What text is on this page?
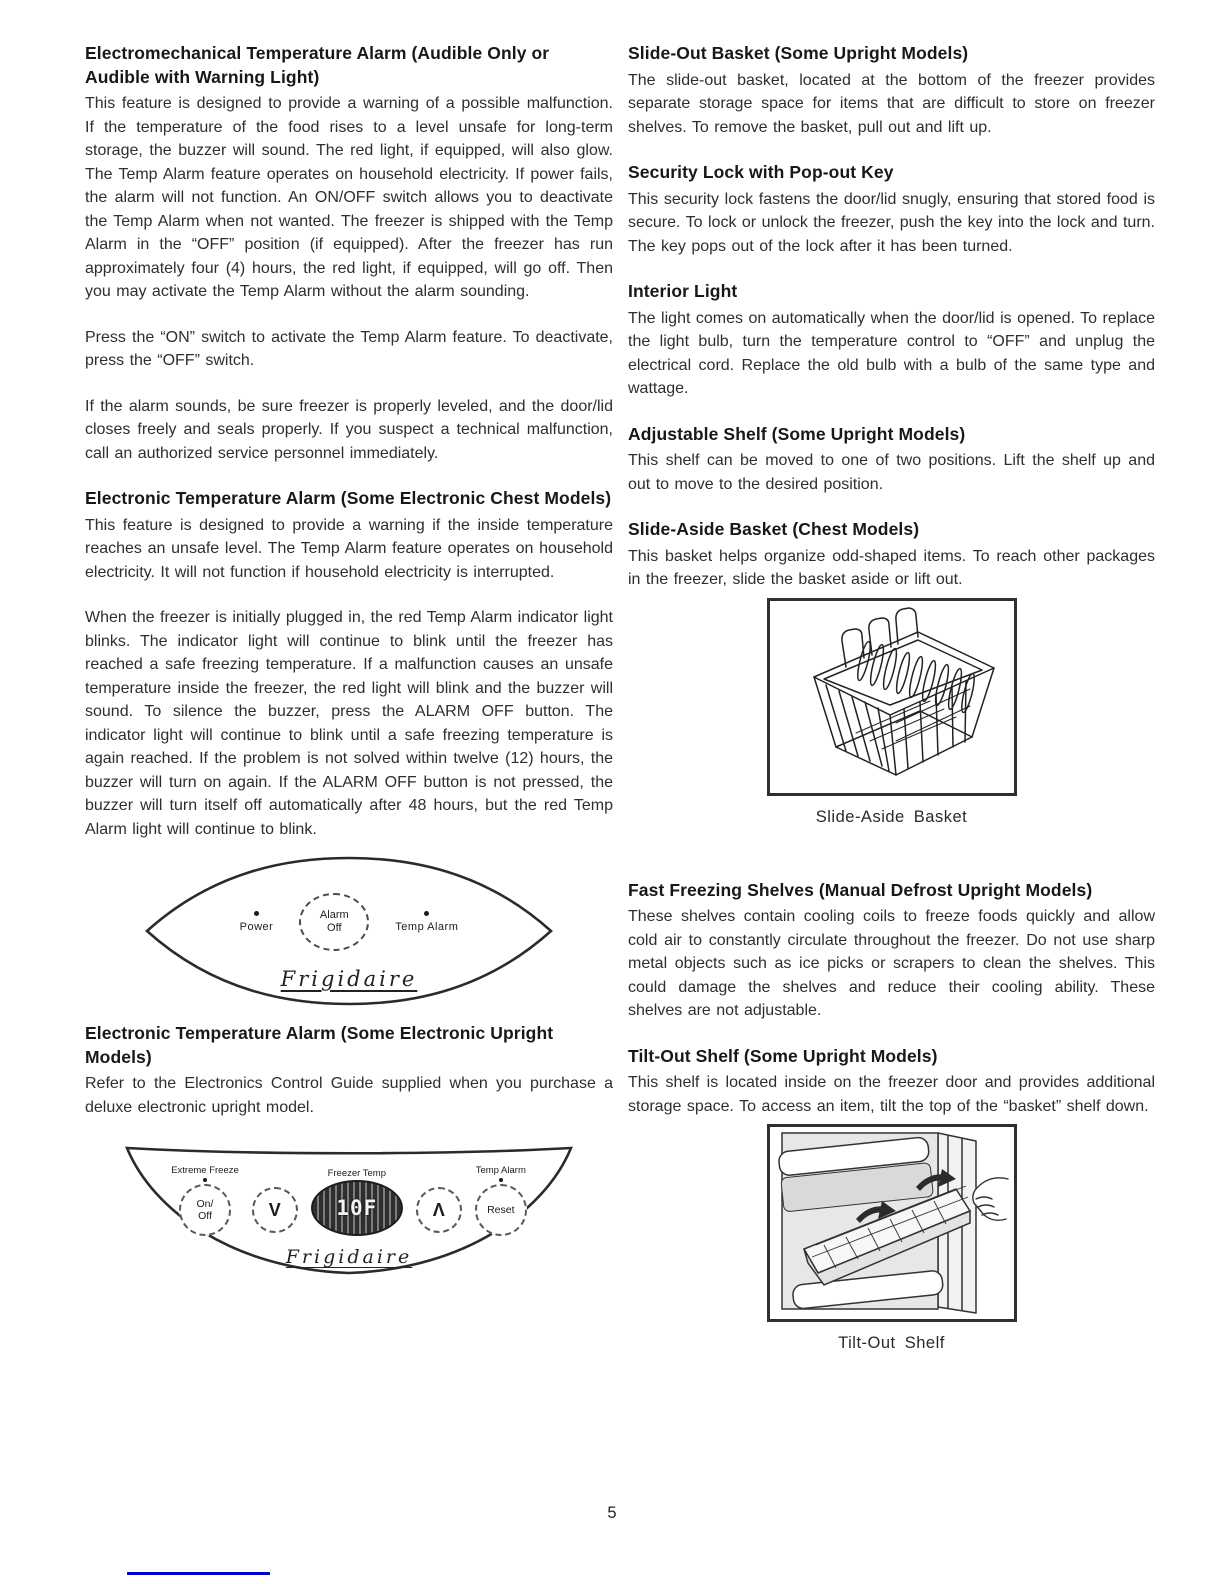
Electromechanical Temperature Alarm (Audible Only or Audible with Warning Light)

This feature is designed to provide a warning of a possible malfunction. If the temperature of the food rises to a level unsafe for long-term storage, the buzzer will sound. The red light, if equipped, will also glow. The Temp Alarm feature operates on household electricity. If power fails, the alarm will not function. An ON/OFF switch allows you to deactivate the Temp Alarm when not wanted. The freezer is shipped with the Temp Alarm in the “OFF” position (if equipped). After the freezer has run approximately four (4) hours, the red light, if equipped, will go off. Then you may activate the Temp Alarm without the alarm sounding.

Press the “ON” switch to activate the Temp Alarm feature. To deactivate, press the “OFF” switch.

If the alarm sounds, be sure freezer is properly leveled, and the door/lid closes freely and seals properly. If you suspect a technical malfunction, call an authorized service personnel immediately.

Electronic Temperature Alarm (Some Electronic Chest Models)

This feature is designed to provide a warning if the inside temperature reaches an unsafe level. The Temp Alarm feature operates on household electricity. It will not function if household electricity is interrupted.

When the freezer is initially plugged in, the red Temp Alarm indicator light blinks. The indicator light will continue to blink until the freezer has reached a safe freezing temperature. If a malfunction causes an unsafe temperature inside the freezer, the red light will blink and the buzzer will sound. To silence the buzzer, press the ALARM OFF button. The indicator light will continue to blink until a safe freezing temperature is again reached. If the problem is not solved within twelve (12) hours, the buzzer will turn on again. If the ALARM OFF button is not pressed, the buzzer will turn itself off automatically after 48 hours, but the red Temp Alarm light will continue to blink.

Power
Alarm
Off	Temp Alarm
Frigidaire
Electronic Temperature Alarm (Some Electronic Upright Models)

Refer to the Electronics Control Guide supplied when you purchase a deluxe electronic upright model.

Extreme Freeze
On/
Off	V
Freezer Temp
10F	Λ
Temp Alarm
Reset
Frigidaire
Slide-Out Basket (Some Upright Models)

The slide-out basket, located at the bottom of the freezer provides separate storage space for items that are difficult to store on freezer shelves. To remove the basket, pull out and lift up.

Security Lock with Pop-out Key

This security lock fastens the door/lid snugly, ensuring that stored food is secure. To lock or unlock the freezer, push the key into the lock and turn. The key pops out of the lock after it has been turned.

Interior Light

The light comes on automatically when the door/lid is opened. To replace the light bulb, turn the temperature control to “OFF” and unplug the electrical cord. Replace the old bulb with a bulb of the same type and wattage.

Adjustable Shelf (Some Upright Models)

This shelf can be moved to one of two positions. Lift the shelf up and out to move to the desired position.

Slide-Aside Basket (Chest Models)

This basket helps organize odd-shaped items. To reach other packages in the freezer, slide the basket aside or lift out.

Slide-Aside Basket
Fast Freezing Shelves (Manual Defrost Upright Models)

These shelves contain cooling coils to freeze foods quickly and allow cold air to constantly circulate throughout the freezer. Do not use sharp metal objects such as ice picks or scrapers to clean the shelves. This could damage the shelves and reduce their cooling ability. These shelves are not adjustable.

Tilt-Out Shelf (Some Upright Models)

This shelf is located inside on the freezer door and provides additional storage space. To access an item, tilt the top of the “basket” shelf down.

Tilt-Out Shelf
5
